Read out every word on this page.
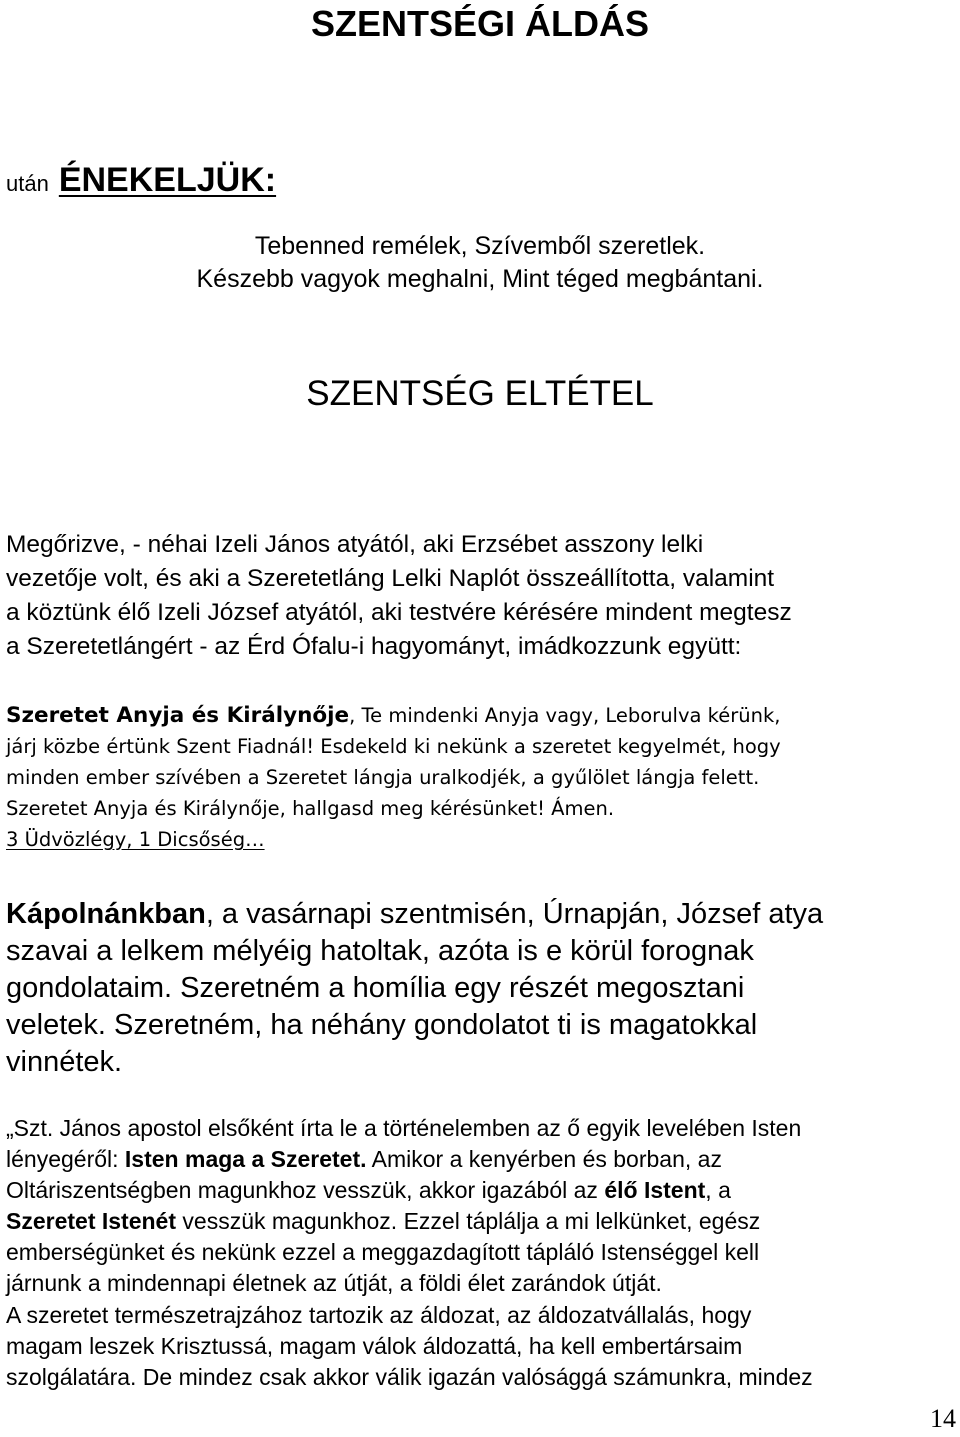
SZENTSÉGI ÁLDÁS
után ÉNEKELJÜK:
Tebenned remélek, Szívemből szeretlek.
Készebb vagyok meghalni, Mint téged megbántani.
SZENTSÉG ELTÉTEL
Megőrizve, - néhai Izeli János atyától, aki Erzsébet asszony lelki
vezetője volt, és aki a Szeretetláng Lelki Naplót összeállította, valamint
a köztünk élő Izeli József atyától, aki testvére kérésére mindent megtesz
a Szeretetlángért - az Érd Ófalu-i hagyományt, imádkozzunk együtt:
Szeretet Anyja és Királynője, Te mindenki Anyja vagy, Leborulva kérünk,
járj közbe értünk Szent Fiadnál! Esdekeld ki nekünk a szeretet kegyelmét, hogy
minden ember szívében a Szeretet lángja uralkodjék, a gyűlölet lángja felett.
Szeretet Anyja és Királynője, hallgasd meg kérésünket! Ámen.
3 Üdvözlégy, 1 Dicsőség…
Kápolnánkban, a vasárnapi szentmisén, Úrnapján, József atya
szavai a lelkem mélyéig hatoltak, azóta is e körül forognak
gondolataim. Szeretném a homília egy részét megosztani
veletek. Szeretném, ha néhány gondolatot ti is magatokkal
vinnétek.
„Szt. János apostol elsőként írta le a történelemben az ő egyik levelében Isten
lényegéről: Isten maga a Szeretet. Amikor a kenyérben és borban, az
Oltáriszentségben magunkhoz vesszük, akkor igazából az élő Istent, a
Szeretet Istenét vesszük magunkhoz. Ezzel táplálja a mi lelkünket, egész
emberségünket és nekünk ezzel a meggazdagított tápláló Istenséggel kell
járnunk a mindennapi életnek az útját, a földi élet zarándok útját.
A szeretet természetrajzához tartozik az áldozat, az áldozatvállalás, hogy
magam leszek Krisztussá, magam válok áldozattá, ha kell embertársaim
szolgálatára. De mindez csak akkor válik igazán valósággá számunkra, mindez
14
